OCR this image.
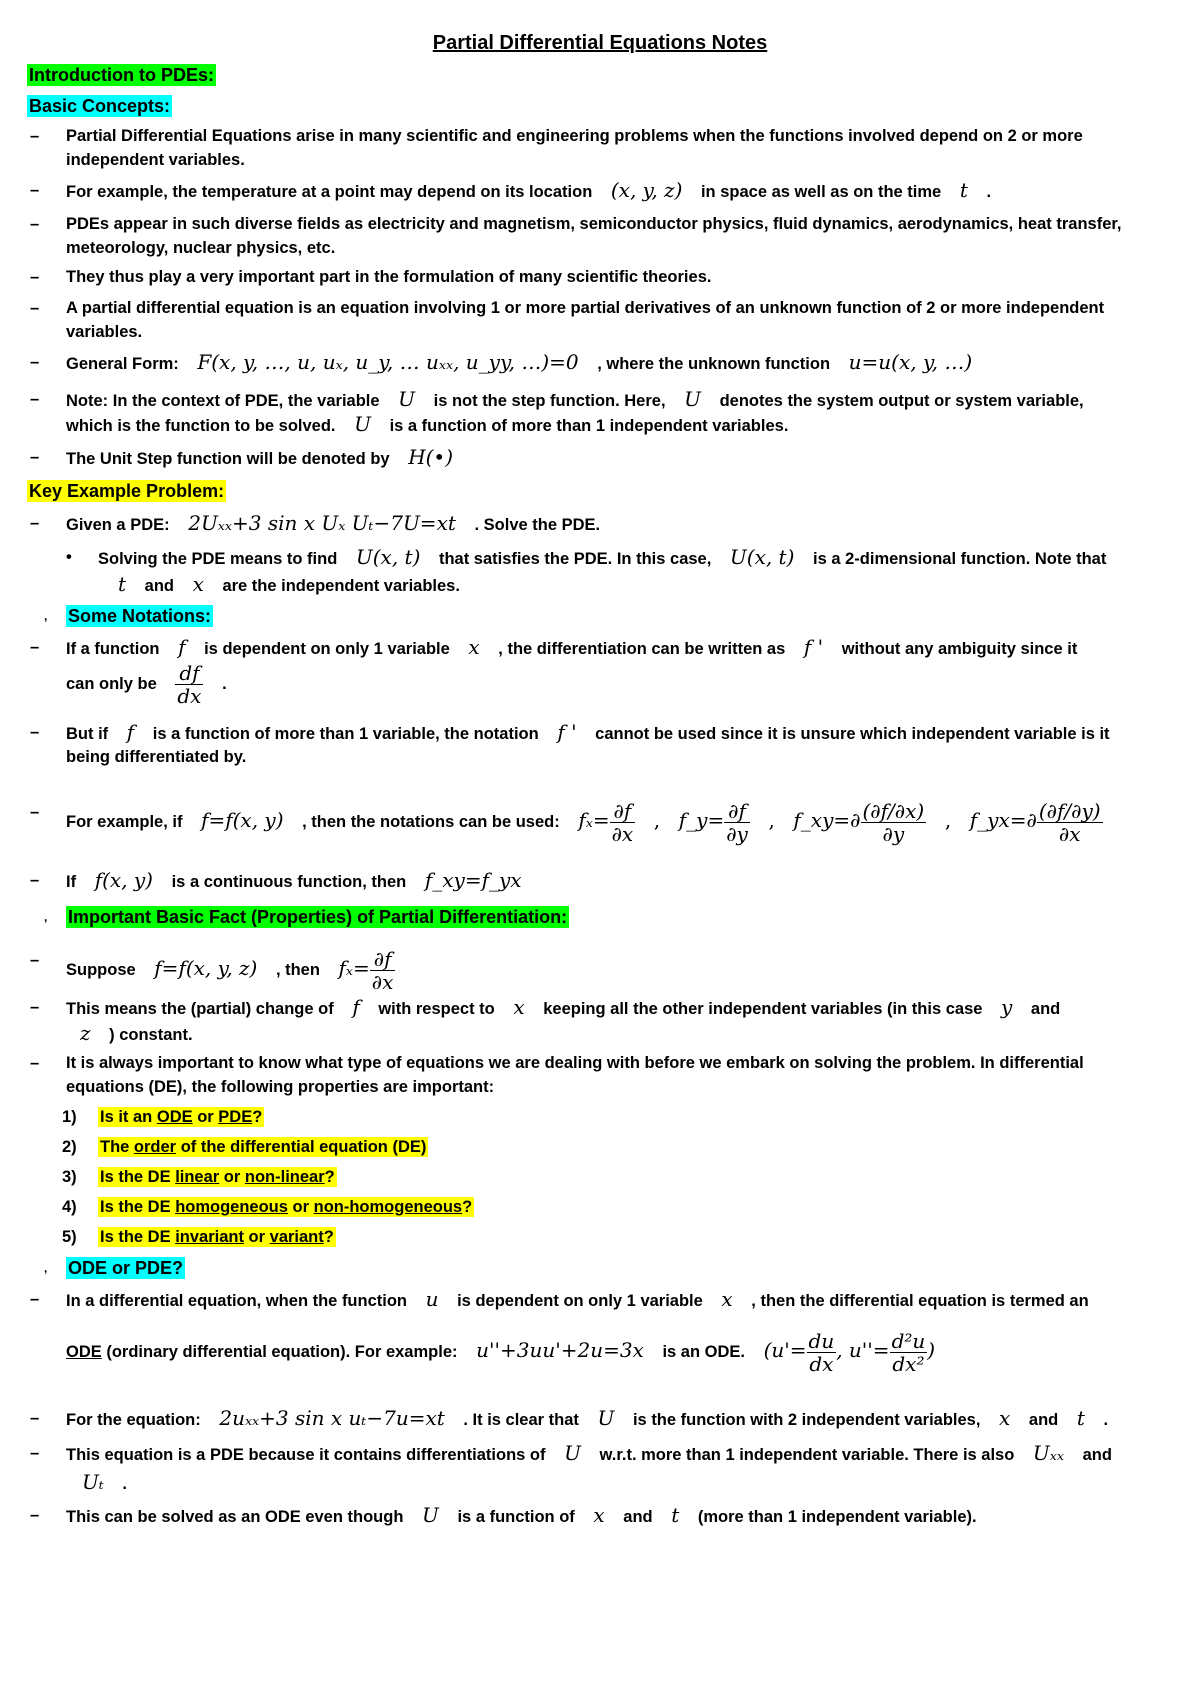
Partial Differential Equations Notes
Introduction to PDEs:
Basic Concepts:
– Partial Differential Equations arise in many scientific and engineering problems when the functions involved depend on 2 or more independent variables.
– For example, the temperature at a point may depend on its location (x, y, z) in space as well as on the time t .
– PDEs appear in such diverse fields as electricity and magnetism, semiconductor physics, fluid dynamics, aerodynamics, heat transfer, meteorology, nuclear physics, etc.
– They thus play a very important part in the formulation of many scientific theories.
– A partial differential equation is an equation involving 1 or more partial derivatives of an unknown function of 2 or more independent variables.
– General Form: F(x, y, …, u, uₓ, u_y, … uₓₓ, u_yy, …)=0 , where the unknown function u=u(x, y, …)
– Note: In the context of PDE, the variable U is not the step function. Here, U denotes the system output or system variable,
which is the function to be solved. U is a function of more than 1 independent variables.
– The Unit Step function will be denoted by H(•)
Key Example Problem:
– Given a PDE: 2Uₓₓ+3 sin x Uₓ Uₜ−7U=xt . Solve the PDE.
• Solving the PDE means to find U(x, t) that satisfies the PDE. In this case, U(x, t) is a 2-dimensional function. Note that
t and x are the independent variables.
, Some Notations:
– If a function f is dependent on only 1 variable x , the differentiation can be written as f ' without any ambiguity since it
can only be $\frac{df}{dx}$ .
– But if f is a function of more than 1 variable, the notation f ' cannot be used since it is unsure which independent variable is it
being differentiated by.
–
For example, if f=f(x, y) , then the notations can be used: $f_x= \frac{\partial f}{\partial x}$ , f_y= $\frac{\partial f}{\partial y}$ , f_xy=∂ $\frac{(\partial f/\partial x)}{\partial y}$ , f_yx=∂ $\frac{(\partial f/\partial y)}{\partial x}$
– If f(x, y) is a continuous function, then f_xy=f_yx
, Important Basic Fact (Properties) of Partial Differentiation:
–
Suppose f=f(x, y, z) , then $f_x= \frac{\partial f}{\partial x}$
– This means the (partial) change of f with respect to x keeping all the other independent variables (in this case y and
z ) constant.
– It is always important to know what type of equations we are dealing with before we embark on solving the problem. In differential
equations (DE), the following properties are important:
1) Is it an ODE or PDE?
2) The order of the differential equation (DE)
3) Is the DE linear or non-linear?
4) Is the DE homogeneous or non-homogeneous?
5) Is the DE invariant or variant?
, ODE or PDE?
– In a differential equation, when the function u is dependent on only 1 variable x , then the differential equation is termed an
ODE (ordinary differential equation). For example: u''+3uu'+2u=3x is an ODE. ($u'= \frac{du}{dx}$ , $u''= \frac{\text{d²u}}{\text{dx²}}$ )
– For the equation: 2uₓₓ+3 sin x uₜ−7u=xt . It is clear that U is the function with 2 independent variables, x and t .
– This equation is a PDE because it contains differentiations of U w.r.t. more than 1 independent variable. There is also Uₓₓ and
Uₜ .
– This can be solved as an ODE even though U is a function of x and t (more than 1 independent variable).
